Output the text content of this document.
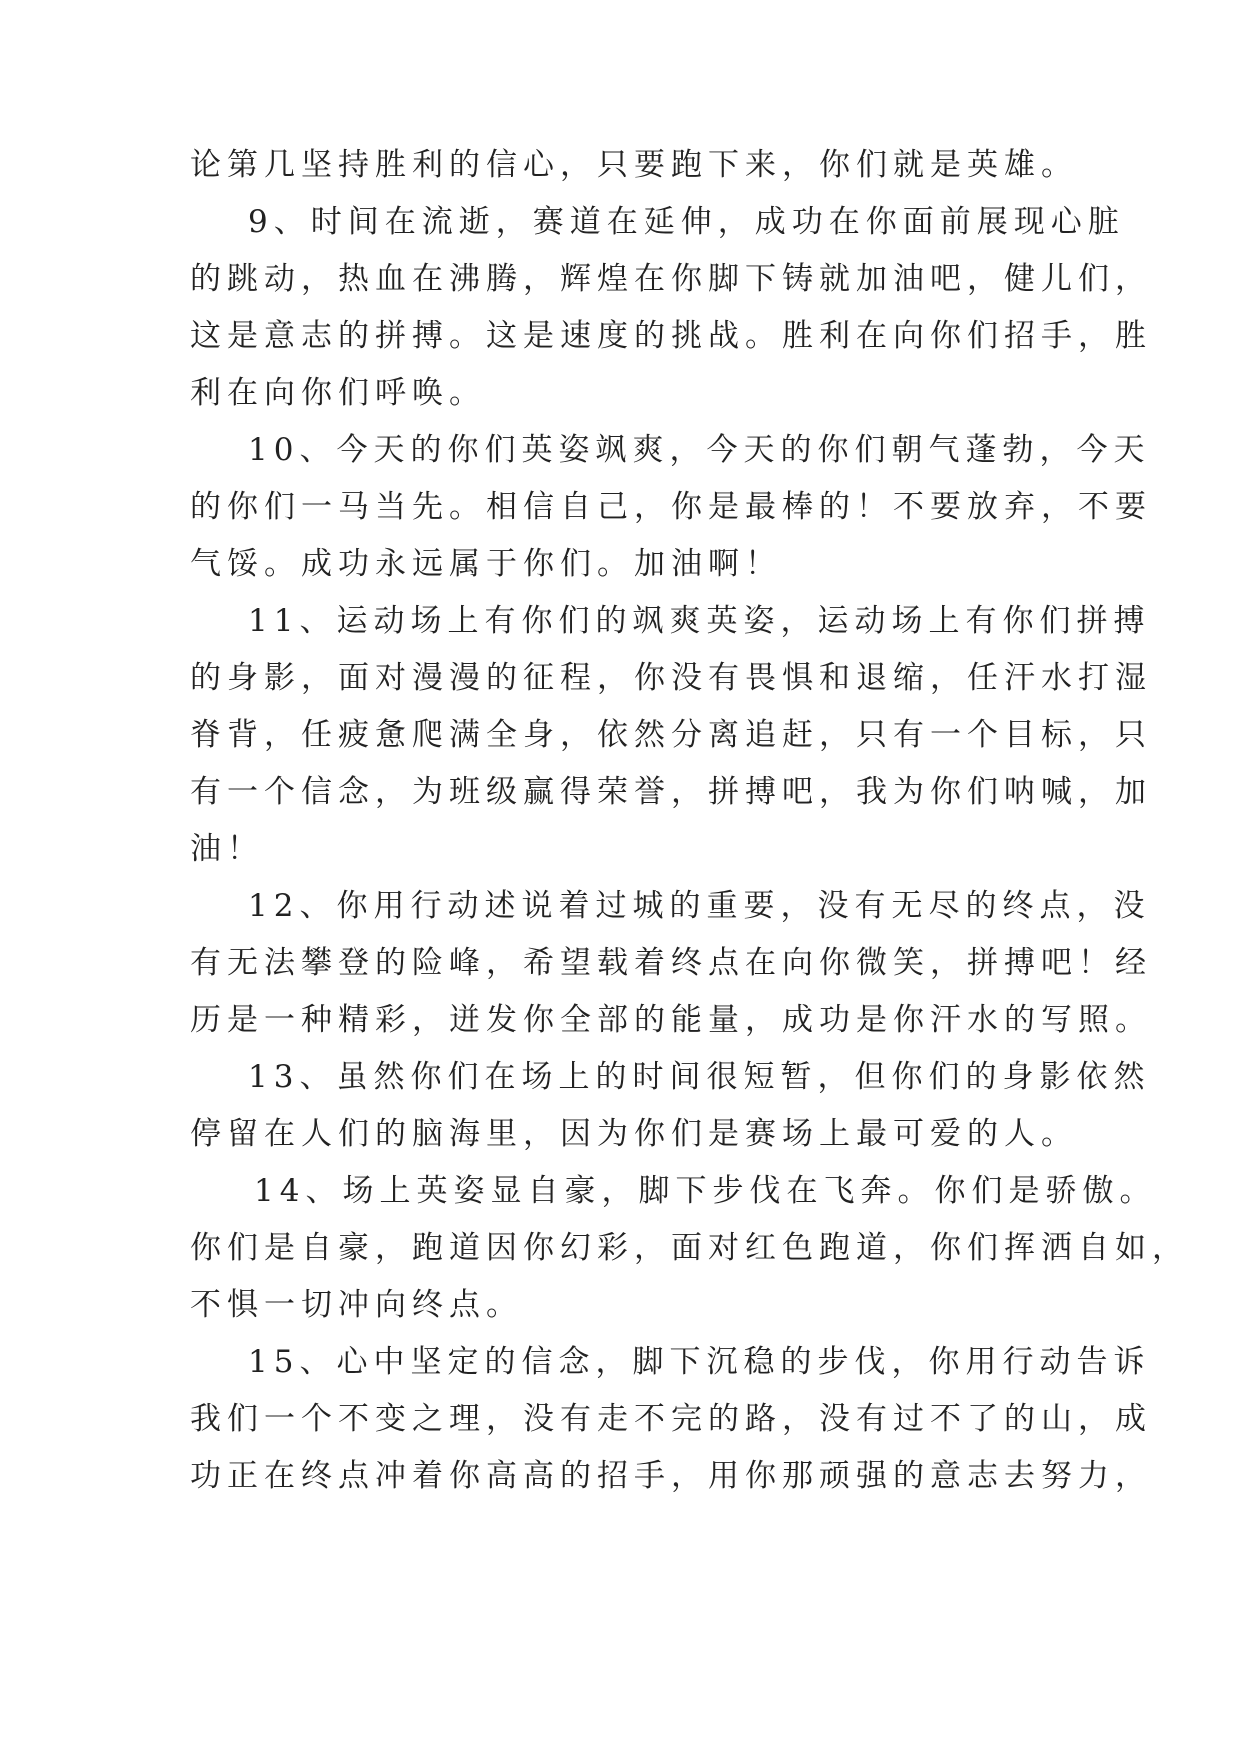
论第几坚持胜利的信心，只要跑下来，你们就是英雄。
9、时间在流逝，赛道在延伸，成功在你面前展现心脏
的跳动，热血在沸腾，辉煌在你脚下铸就加油吧，健儿们，
这是意志的拼搏。这是速度的挑战。胜利在向你们招手，胜
利在向你们呼唤。
10、今天的你们英姿飒爽，今天的你们朝气蓬勃，今天
的你们一马当先。相信自己，你是最棒的！不要放弃，不要
气馁。成功永远属于你们。加油啊！
11、运动场上有你们的飒爽英姿，运动场上有你们拼搏
的身影，面对漫漫的征程，你没有畏惧和退缩，任汗水打湿
脊背，任疲惫爬满全身，依然分离追赶，只有一个目标，只
有一个信念，为班级赢得荣誉，拼搏吧，我为你们呐喊，加
油！
12、你用行动述说着过城的重要，没有无尽的终点，没
有无法攀登的险峰，希望载着终点在向你微笑，拼搏吧！经
历是一种精彩，迸发你全部的能量，成功是你汗水的写照。
13、虽然你们在场上的时间很短暂，但你们的身影依然
停留在人们的脑海里，因为你们是赛场上最可爱的人。
14、场上英姿显自豪，脚下步伐在飞奔。你们是骄傲。
你们是自豪，跑道因你幻彩，面对红色跑道，你们挥洒自如，
不惧一切冲向终点。
15、心中坚定的信念，脚下沉稳的步伐，你用行动告诉
我们一个不变之理，没有走不完的路，没有过不了的山，成
功正在终点冲着你高高的招手，用你那顽强的意志去努力，
